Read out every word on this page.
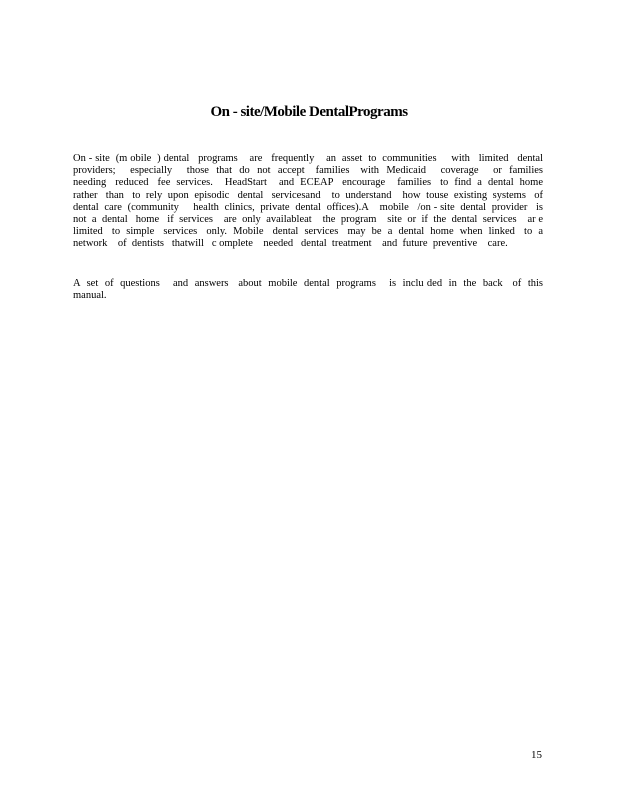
On - site/Mobile DentalPrograms
On - site  (m obile  ) dental   programs    are   frequently    an  asset  to  communities     with   limited   dental
providers;    especially    those  that  do  not  accept   families   with  Medicaid    coverage    or  families
needing   reduced   fee  services.    HeadStart    and  ECEAP   encourage    families   to  find  a  dental  home
rather   than   to  rely  upon  episodic   dental   servicesand    to  understand    how  touse  existing  systems   of
dental  care  (community     health  clinics,  private  dental  offices).A    mobile   /on - site  dental  provider   is
not  a  dental   home   if  services    are  only  availableat    the  program    site  or  if  the  dental  services    ar e
limited   to  simple   services   only.  Mobile   dental  services   may  be  a  dental  home  when  linked   to  a
network    of  dentists   thatwill   c omplete    needed   dental  treatment    and  future  preventive    care.
A  set  of  questions    and  answers   about  mobile  dental  programs    is  inclu ded  in  the  back   of  this
manual.
15
